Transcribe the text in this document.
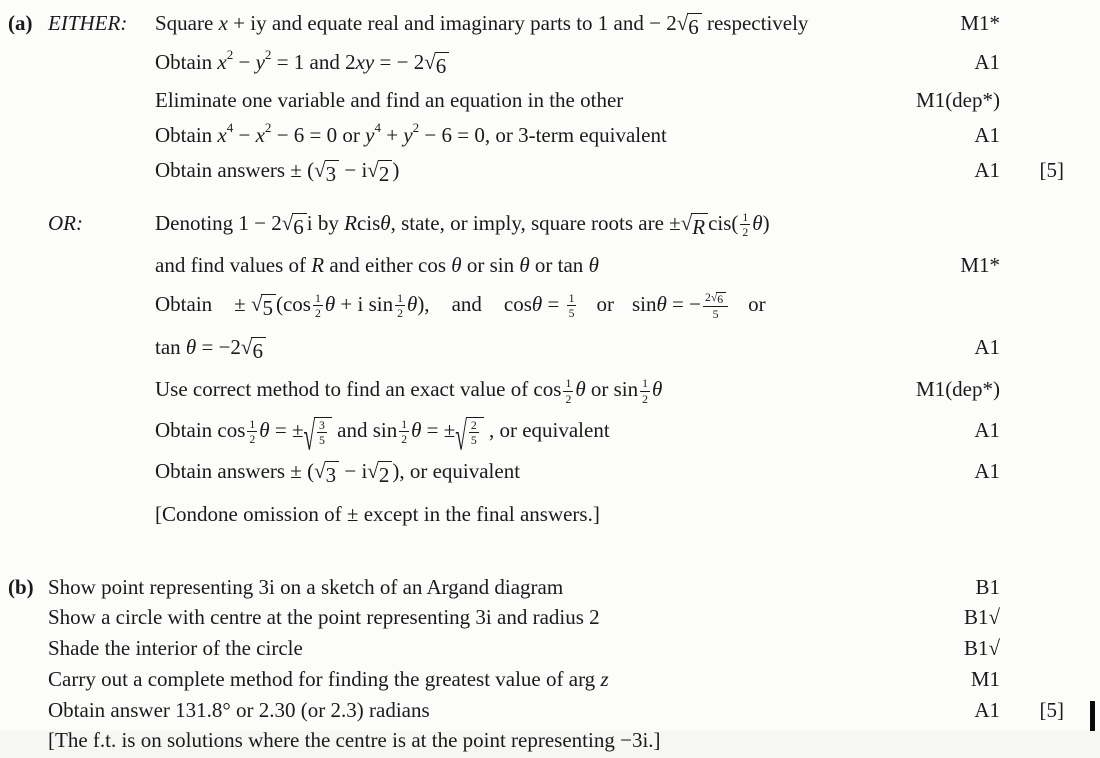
(a) EITHER:	Square x + iy and equate real and imaginary parts to 1 and − 2 √ 6 respectively	M1*
Obtain $x^2 - y^2 = 1$ and 2xy = − 2 √ 6	A1
Eliminate one variable and find an equation in the other	M1(dep*)
Obtain $x^4 - x^2 - 6 = 0$ or $y^4 + y^2 - 6 = 0$, or 3-term equivalent	A1
Obtain answers ± ( √ 3 − i √ 2 )	A1	[5]
OR:	Denoting 1 − 2 √ 6 i by Rcisθ, state, or imply, square roots are ± √ R $cis( \frac{1}{2} \theta)$
and find values of R and either cos θ or sin θ or tan θ	M1*
Obtain ± √ 5 ($\cos \frac{1}{2}$ θ + i $\sin \frac{1}{2} \theta$), and $\cos\theta = \frac{1}{5}$ or sinθ = − $\frac{2 √ 6}{5}$ or
tan θ = −2 √ 6	A1
Use correct method to find an exact value of $\cos \frac{1}{2}$ θ or $\sin \frac{1}{2}$ θ	M1(dep*)
Obtain $\cos \frac{1}{2}$ θ = ± √ $\frac{3}{5}$ and $\sin \frac{1}{2}$ θ = ± √ $\frac{2}{5}$ , or equivalent	A1
Obtain answers ± ( √ 3 − i √ 2 ), or equivalent	A1
[Condone omission of ± except in the final answers.]
(b) Show point representing 3i on a sketch of an Argand diagram	B1
Show a circle with centre at the point representing 3i and radius 2	B1√
Shade the interior of the circle	B1√
Carry out a complete method for finding the greatest value of arg z	M1
Obtain answer 131.8° or 2.30 (or 2.3) radians	A1	[5]
[The f.t. is on solutions where the centre is at the point representing −3i.]
